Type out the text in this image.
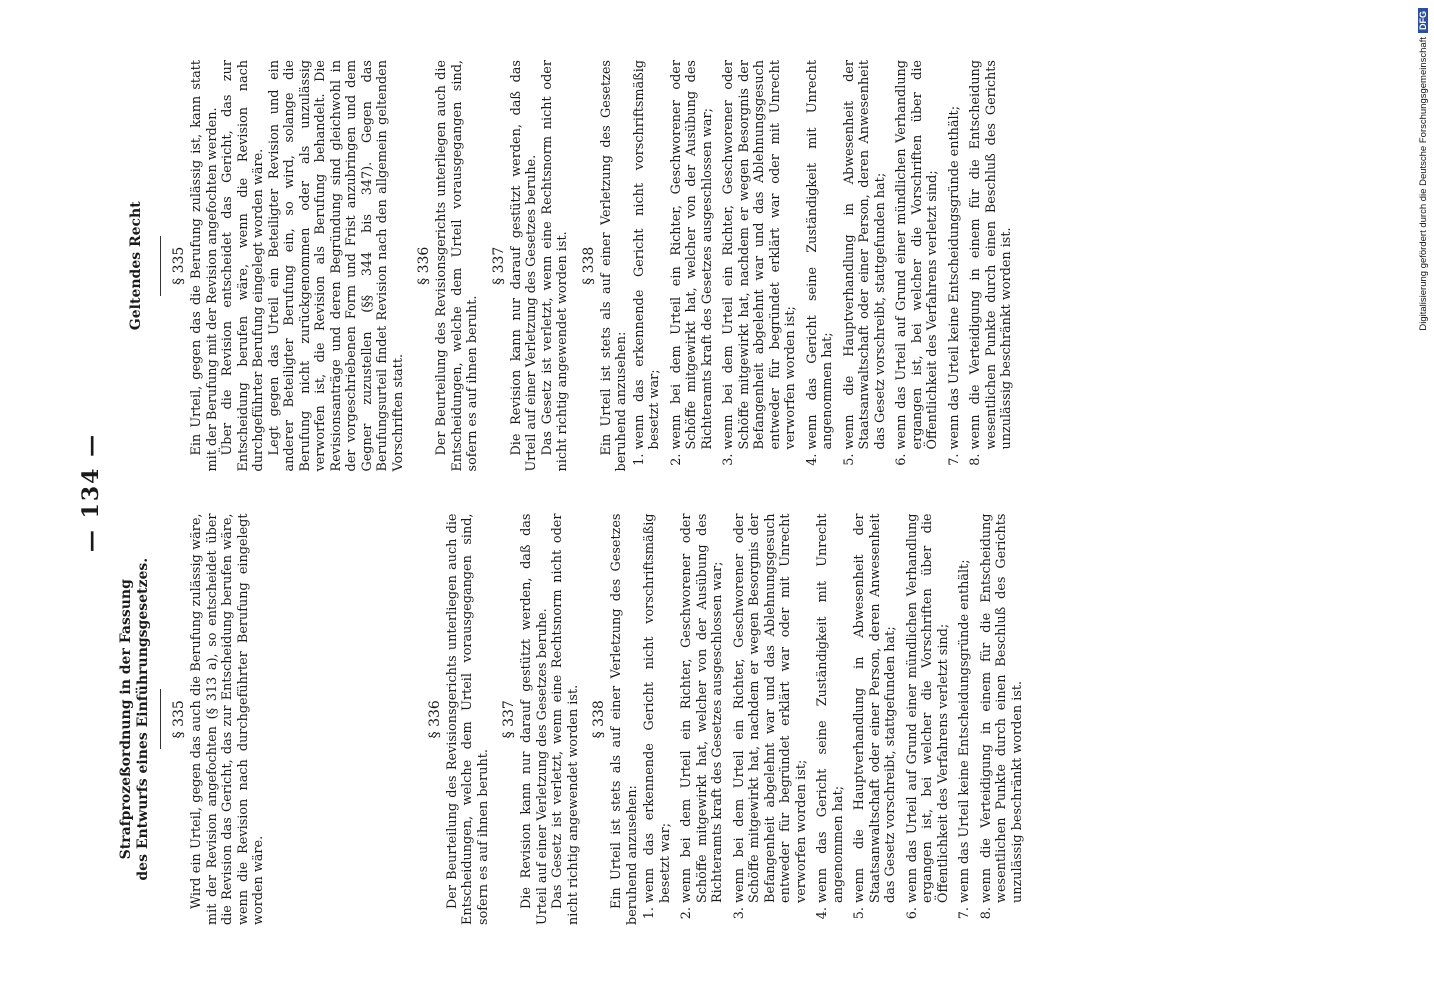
— 134 —
Strafprozeßordnung in der Fassung des Entwurfs eines Einführungsgesetzes. § 335 Wird ein Urteil, gegen das auch die Berufung zulässig wäre, mit der Revision angefochten (§ 313 a), so entscheidet über die Revision das Gericht, das zur Entscheidung berufen wäre, wenn die Revision nach durchgeführter Berufung eingelegt worden wäre.

§ 336 Der Beurteilung des Revisionsgerichts unterliegen auch die Entscheidungen, welche dem Urteil vorausgegangen sind, sofern es auf ihnen beruht.

§ 337 Die Revision kann nur darauf gestützt werden, daß das Urteil auf einer Verletzung des Gesetzes beruhe. Das Gesetz ist verletzt, wenn eine Rechtsnorm nicht oder nicht richtig angewendet worden ist. § 338 Ein Urteil ist stets als auf einer Verletzung des Gesetzes beruhend anzusehen: 1. wenn das erkennende Gericht nicht vorschriftsmäßig besetzt war; 2. wenn bei dem Urteil ein Richter, Geschworener oder Schöffe mitgewirkt hat, welcher von der Ausübung des Richteramts kraft des Gesetzes ausgeschlossen war; 3. wenn bei dem Urteil ein Richter, Geschworener oder Schöffe mitgewirkt hat, nachdem er wegen Besorgnis der Befangenheit abgelehnt war und das Ablehnungsgesuch entweder für begründet erklärt war oder mit Unrecht verworfen worden ist; 4. wenn das Gericht seine Zuständigkeit mit Unrecht angenommen hat; 5. wenn die Hauptverhandlung in Abwesenheit der Staatsanwaltschaft oder einer Person, deren Anwesenheit das Gesetz vorschreibt, stattgefunden hat; 6. wenn das Urteil auf Grund einer mündlichen Verhandlung ergangen ist, bei welcher die Vorschriften über die Öffentlichkeit des Verfahrens verletzt sind; 7. wenn das Urteil keine Entscheidungsgründe enthält; 8. wenn die Verteidigung in einem für die Entscheidung wesentlichen Punkte durch einen Beschluß des Gerichts unzulässig beschränkt worden ist.
Geltendes Recht § 335 Ein Urteil, gegen das die Berufung zulässig ist, kann statt mit der Berufung mit der Revision angefochten werden. Über die Revision entscheidet das Gericht, das zur Entscheidung berufen wäre, wenn die Revision nach durchgeführter Berufung eingelegt worden wäre. Legt gegen das Urteil ein Beteiligter Revision und ein anderer Beteiligter Berufung ein, so wird, solange die Berufung nicht zurückgenommen oder als unzulässig verworfen ist, die Revision als Berufung behandelt. Die Revisionsanträge und deren Begründung sind gleichwohl in der vorgeschriebenen Form und Frist anzubringen und dem Gegner zuzustellen (§§ 344 bis 347). Gegen das Berufungsurteil findet Revision nach den allgemein geltenden Vorschriften statt.

§ 336 Der Beurteilung des Revisionsgerichts unterliegen auch die Entscheidungen, welche dem Urteil vorausgegangen sind, sofern es auf ihnen beruht.

§ 337 Die Revision kann nur darauf gestützt werden, daß das Urteil auf einer Verletzung des Gesetzes beruhe. Das Gesetz ist verletzt, wenn eine Rechtsnorm nicht oder nicht richtig angewendet worden ist. § 338 Ein Urteil ist stets als auf einer Verletzung des Gesetzes beruhend anzusehen: 1. wenn das erkennende Gericht nicht vorschriftsmäßig besetzt war; 2. wenn bei dem Urteil ein Richter, Geschworener oder Schöffe mitgewirkt hat, welcher von der Ausübung des Richteramts kraft des Gesetzes ausgeschlossen war; 3. wenn bei dem Urteil ein Richter, Geschworener oder Schöffe mitgewirkt hat, nachdem er wegen Besorgnis der Befangenheit abgelehnt war und das Ablehnungsgesuch entweder für begründet erklärt war oder mit Unrecht verworfen worden ist; 4. wenn das Gericht seine Zuständigkeit mit Unrecht angenommen hat; 5. wenn die Hauptverhandlung in Abwesenheit der Staatsanwaltschaft oder einer Person, deren Anwesenheit das Gesetz vorschreibt, stattgefunden hat; 6. wenn das Urteil auf Grund einer mündlichen Verhandlung ergangen ist, bei welcher die Vorschriften über die Öffentlichkeit des Verfahrens verletzt sind; 7. wenn das Urteil keine Entscheidungsgründe enthält; 8. wenn die Verteidigung in einem für die Entscheidung wesentlichen Punkte durch einen Beschluß des Gerichts unzulässig beschränkt worden ist.
Digitalisierung gefördert durch die Deutsche ForschungsgemeinschaftDFG
